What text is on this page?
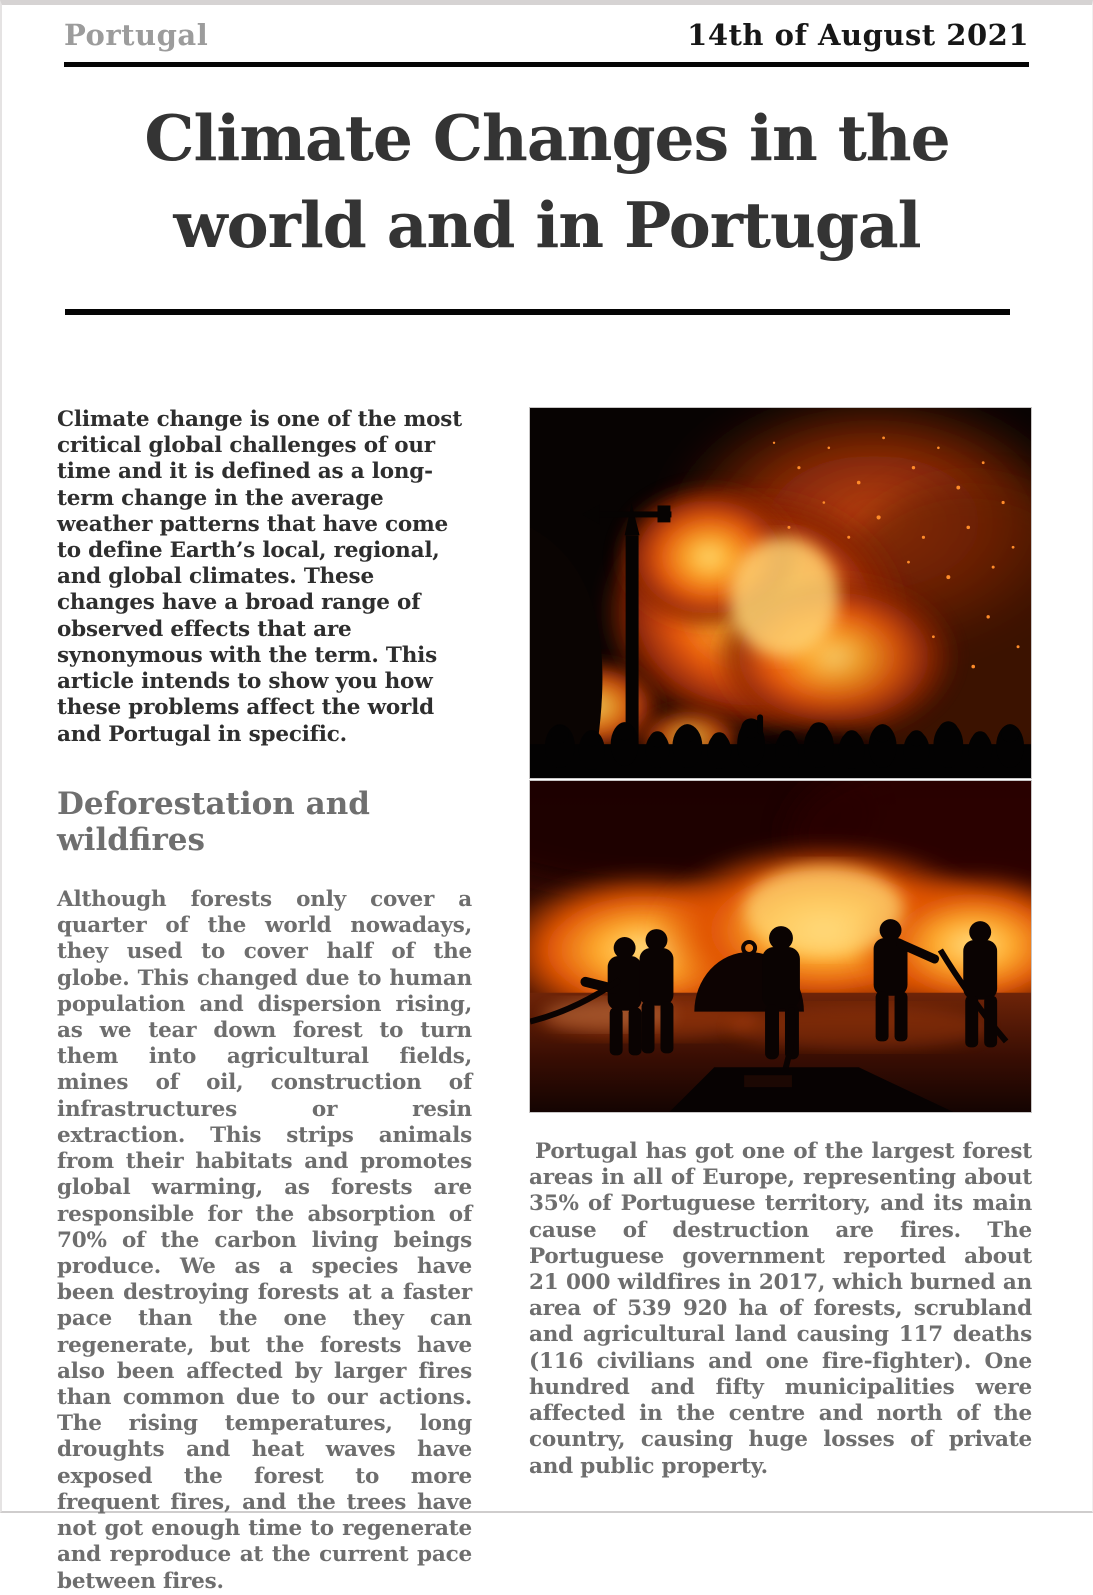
Portugal	14th of August 2021
Climate Changes in the
world and in Portugal

Climate change is one of the most critical global challenges of our time and it is defined as a long-term change in the average weather patterns that have come to define Earth’s local, regional, and global climates. These changes have a broad range of observed effects that are synonymous with the term. This article intends to show you how these problems affect the world and Portugal in specific.

Deforestation and wildfires

Although forests only cover a quarter of the world nowadays, they used to cover half of the globe. This changed due to human population and dispersion rising, as we tear down forest to turn them into agricultural fields, mines of oil, construction of infrastructures or resin extraction. This strips animals from their habitats and promotes global warming, as forests are responsible for the absorption of 70% of the carbon living beings produce. We as a species have been destroying forests at a faster pace than the one they can regenerate, but the forests have also been affected by larger fires than common due to our actions. The rising temperatures, long droughts and heat waves have exposed the forest to more frequent fires, and the trees have not got enough time to regenerate and reproduce at the current pace between fires.

Portugal has got one of the largest forest areas in all of Europe, representing about 35% of Portuguese territory, and its main cause of destruction are fires. The Portuguese government reported about 21 000 wildfires in 2017, which burned an area of 539 920 ha of forests, scrubland and agricultural land causing 117 deaths (116 civilians and one fire-fighter). One hundred and fifty municipalities were affected in the centre and north of the country, causing huge losses of private and public property.
